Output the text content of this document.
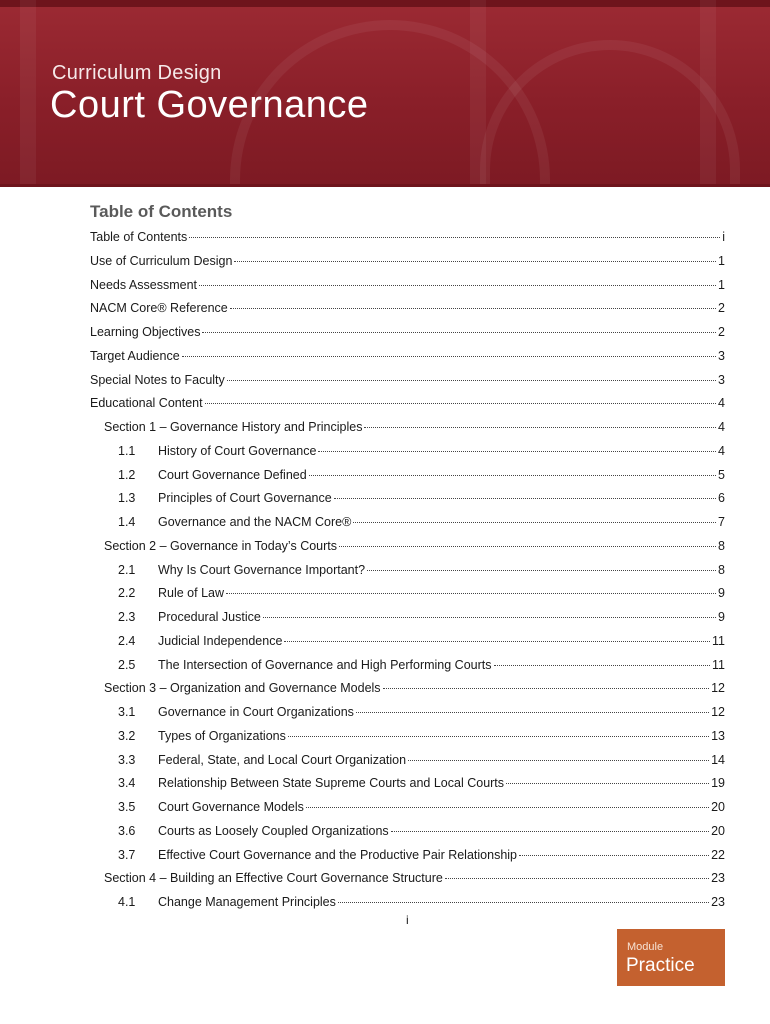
Curriculum Design
Court Governance
Table of Contents
Table of Contents	i
Use of Curriculum Design	1
Needs Assessment	1
NACM Core® Reference	2
Learning Objectives	2
Target Audience	3
Special Notes to Faculty	3
Educational Content	4
Section 1 – Governance History and Principles	4
1.1	History of Court Governance	4
1.2	Court Governance Defined	5
1.3	Principles of Court Governance	6
1.4	Governance and the NACM Core®	7
Section 2 – Governance in Today’s Courts	8
2.1	Why Is Court Governance Important?	8
2.2	Rule of Law	9
2.3	Procedural Justice	9
2.4	Judicial Independence	11
2.5	The Intersection of Governance and High Performing Courts	11
Section 3 – Organization and Governance Models	12
3.1	Governance in Court Organizations	12
3.2	Types of Organizations	13
3.3	Federal, State, and Local Court Organization	14
3.4	Relationship Between State Supreme Courts and Local Courts	19
3.5	Court Governance Models	20
3.6	Courts as Loosely Coupled Organizations	20
3.7	Effective Court Governance and the Productive Pair Relationship	22
Section 4 – Building an Effective Court Governance Structure	23
4.1	Change Management Principles	23
i
Module
Practice
